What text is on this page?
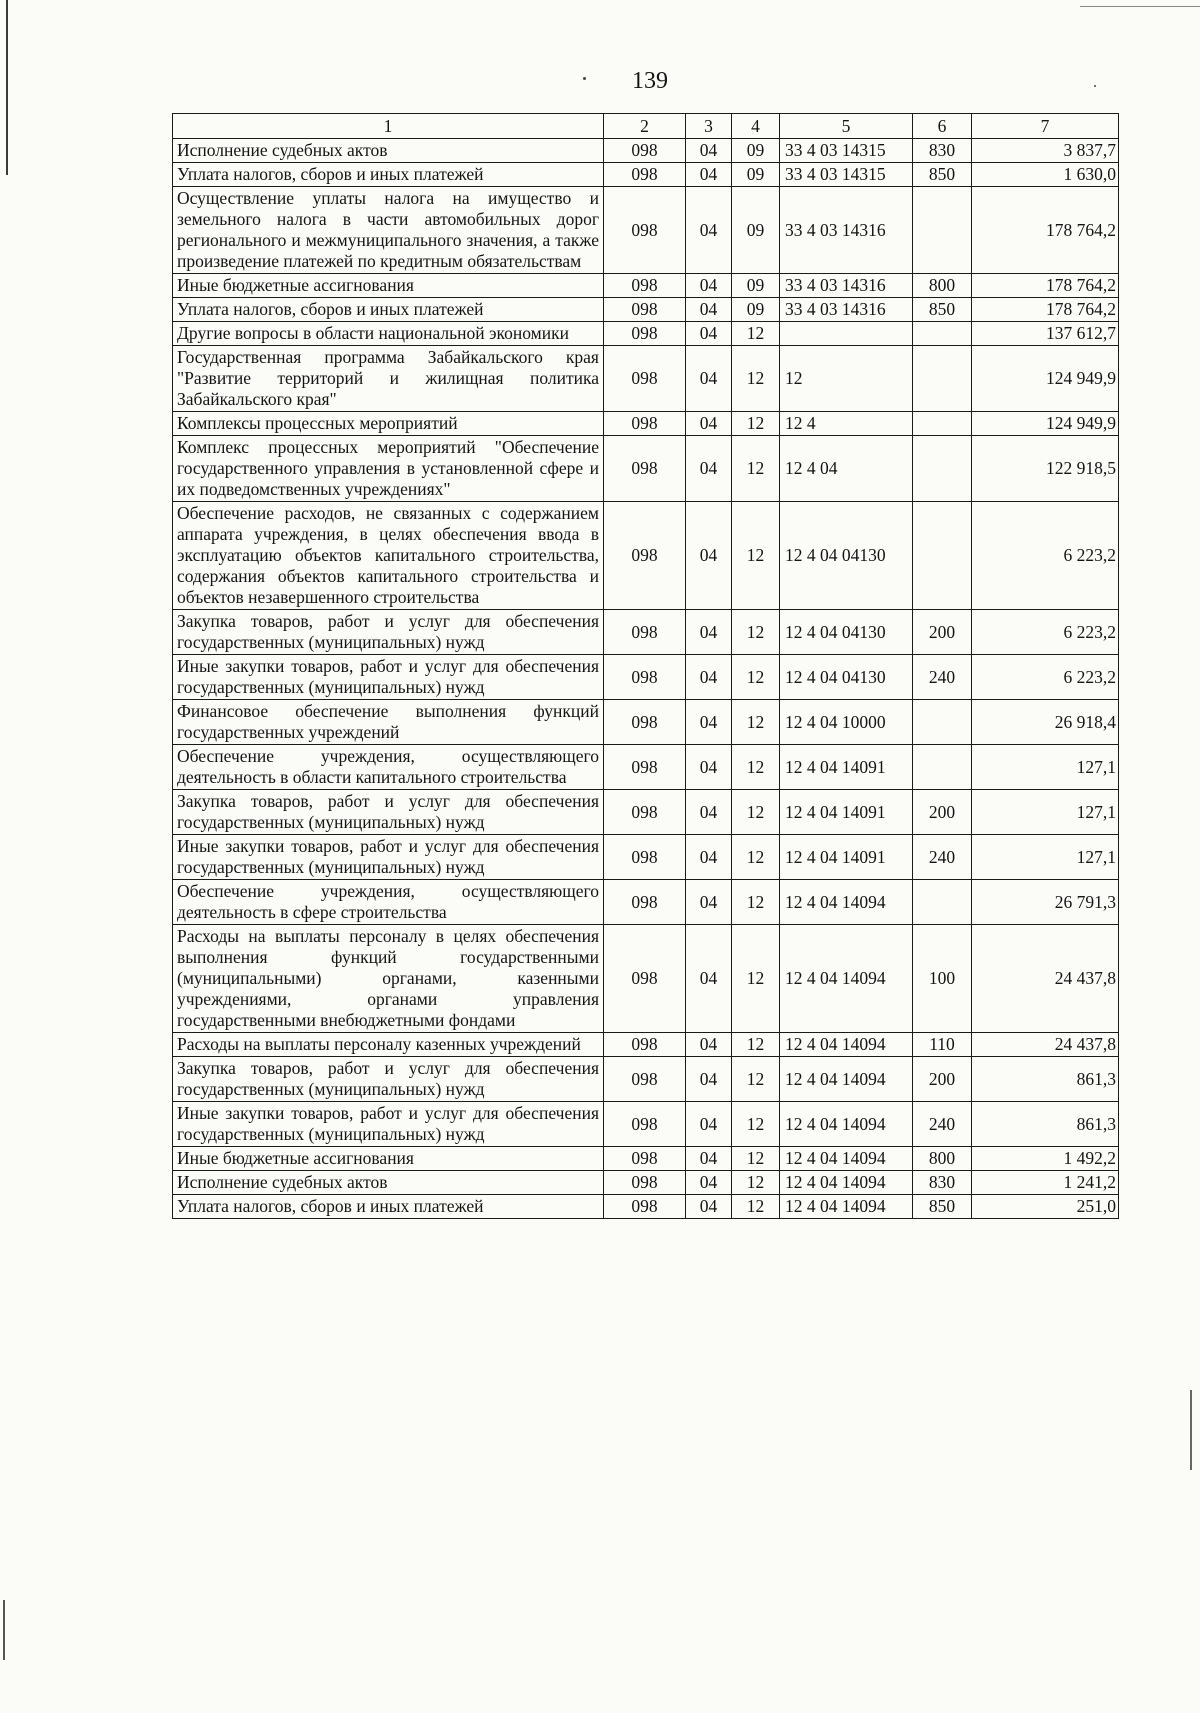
139
1	2	3	4	5	6	7
Исполнение судебных актов	098	04	09	33 4 03 14315	830	3 837,7
Уплата налогов, сборов и иных платежей	098	04	09	33 4 03 14315	850	1 630,0
Осуществление уплаты налога на имущество и земельного налога в части автомобильных дорог регионального и межмуниципального значения, а также произведение платежей по кредитным обязательствам	098	04	09	33 4 03 14316		178 764,2
Иные бюджетные ассигнования	098	04	09	33 4 03 14316	800	178 764,2
Уплата налогов, сборов и иных платежей	098	04	09	33 4 03 14316	850	178 764,2
Другие вопросы в области национальной экономики	098	04	12			137 612,7
Государственная программа Забайкальского края "Развитие территорий и жилищная политика Забайкальского края"	098	04	12	12		124 949,9
Комплексы процессных мероприятий	098	04	12	12 4		124 949,9
Комплекс процессных мероприятий "Обеспечение государственного управления в установленной сфере и их подведомственных учреждениях"	098	04	12	12 4 04		122 918,5
Обеспечение расходов, не связанных с содержанием аппарата учреждения, в целях обеспечения ввода в эксплуатацию объектов капитального строительства, содержания объектов капитального строительства и объектов незавершенного строительства	098	04	12	12 4 04 04130		6 223,2
Закупка товаров, работ и услуг для обеспечения государственных (муниципальных) нужд	098	04	12	12 4 04 04130	200	6 223,2
Иные закупки товаров, работ и услуг для обеспечения государственных (муниципальных) нужд	098	04	12	12 4 04 04130	240	6 223,2
Финансовое обеспечение выполнения функций государственных учреждений	098	04	12	12 4 04 10000		26 918,4
Обеспечение учреждения, осуществляющего деятельность в области капитального строительства	098	04	12	12 4 04 14091		127,1
Закупка товаров, работ и услуг для обеспечения государственных (муниципальных) нужд	098	04	12	12 4 04 14091	200	127,1
Иные закупки товаров, работ и услуг для обеспечения государственных (муниципальных) нужд	098	04	12	12 4 04 14091	240	127,1
Обеспечение учреждения, осуществляющего деятельность в сфере строительства	098	04	12	12 4 04 14094		26 791,3
Расходы на выплаты персоналу в целях обеспечения выполнения функций государственными (муниципальными) органами, казенными учреждениями, органами управления государственными внебюджетными фондами	098	04	12	12 4 04 14094	100	24 437,8
Расходы на выплаты персоналу казенных учреждений	098	04	12	12 4 04 14094	110	24 437,8
Закупка товаров, работ и услуг для обеспечения государственных (муниципальных) нужд	098	04	12	12 4 04 14094	200	861,3
Иные закупки товаров, работ и услуг для обеспечения государственных (муниципальных) нужд	098	04	12	12 4 04 14094	240	861,3
Иные бюджетные ассигнования	098	04	12	12 4 04 14094	800	1 492,2
Исполнение судебных актов	098	04	12	12 4 04 14094	830	1 241,2
Уплата налогов, сборов и иных платежей	098	04	12	12 4 04 14094	850	251,0
